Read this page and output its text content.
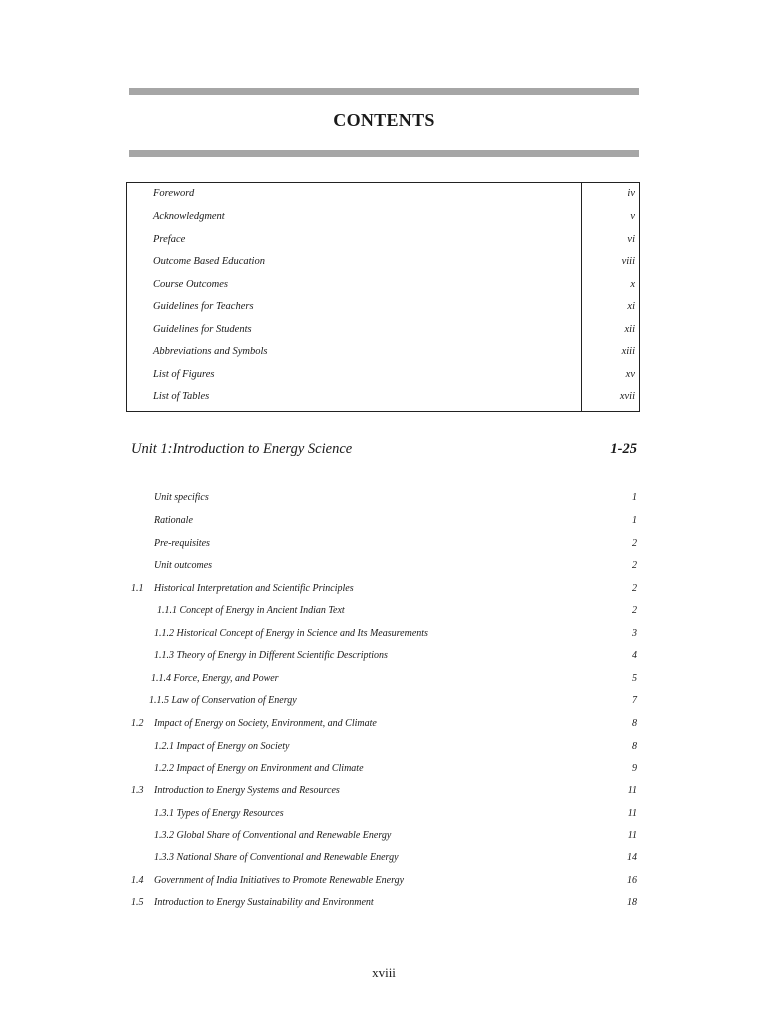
CONTENTS
Foreword	iv
Acknowledgment	v
Preface	vi
Outcome Based Education	viii
Course Outcomes	x
Guidelines for Teachers	xi
Guidelines for Students	xii
Abbreviations and Symbols	xiii
List of Figures	xv
List of Tables	xvii
Unit 1:Introduction to Energy Science	1-25
Unit specifics	1
Rationale	1
Pre-requisites	2
Unit outcomes	2
1.1 Historical Interpretation and Scientific Principles	2
1.1.1 Concept of Energy in Ancient Indian Text	2
1.1.2 Historical Concept of Energy in Science and Its Measurements	3
1.1.3 Theory of Energy in Different Scientific Descriptions	4
1.1.4 Force, Energy, and Power	5
1.1.5 Law of Conservation of Energy	7
1.2 Impact of Energy on Society, Environment, and Climate	8
1.2.1 Impact of Energy on Society	8
1.2.2 Impact of Energy on Environment and Climate	9
1.3 Introduction to Energy Systems and Resources	11
1.3.1 Types of Energy Resources	11
1.3.2 Global Share of Conventional and Renewable Energy	11
1.3.3 National Share of Conventional and Renewable Energy	14
1.4 Government of India Initiatives to Promote Renewable Energy	16
1.5 Introduction to Energy Sustainability and Environment	18
xviii
